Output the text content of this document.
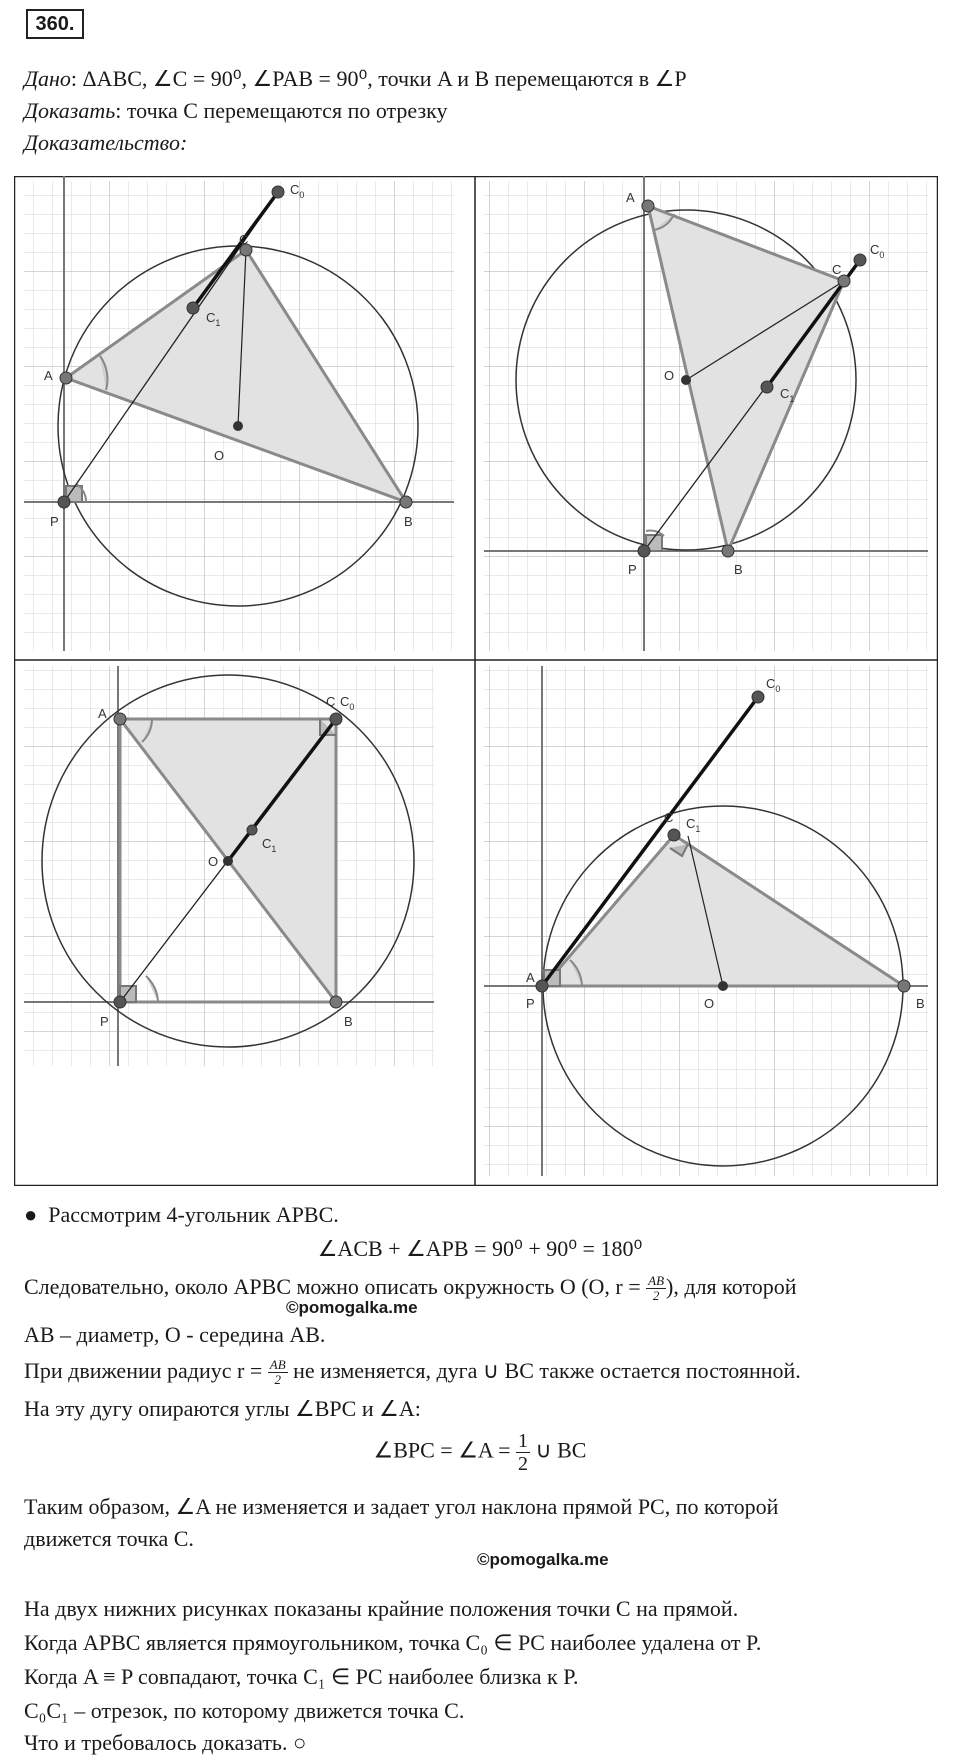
360.
Дано: ΔABC, ∠C = 90⁰, ∠PAB = 90⁰, точки A и B перемещаются в ∠P
Доказать: точка C перемещаются по отрезку
Доказательство:
A
C
B
P
O
$C_0$
$C_1$
A
C
B
P
O
$C_0$
$C_1$
A
C
B
P
O
$C_0$
$C_1$
A
C
B
P	O
$C_0$
$C_1$
●  Рассмотрим 4-угольник APBC.
∠ACB + ∠APB = 90⁰ + 90⁰ = 180⁰
Следовательно, около APBC можно описать окружность O (O, $r = \frac{AB}{2}$ ), для которой
©pomogalka.me
AB – диаметр, O - середина AB.
При движении радиус $r = \frac{AB}{2}$ не изменяется, дуга ∪ BC также остается постоянной.
На эту дугу опираются углы ∠BPC и ∠A:
∠BPC = ∠A = $\frac{1}{2}$ ∪ BC
Таким образом, ∠A не изменяется и задает угол наклона прямой PC, по которой
движется точка C.
©pomogalka.me
На двух нижних рисунках показаны крайние положения точки C на прямой.
Когда APBC является прямоугольником, точка C₀ ∈ PC наиболее удалена от P.
Когда A ≡ P совпадают, точка C₁ ∈ PC наиболее близка к P.
C₀C₁ – отрезок, по которому движется точка C.
Что и требовалось доказать. ○
